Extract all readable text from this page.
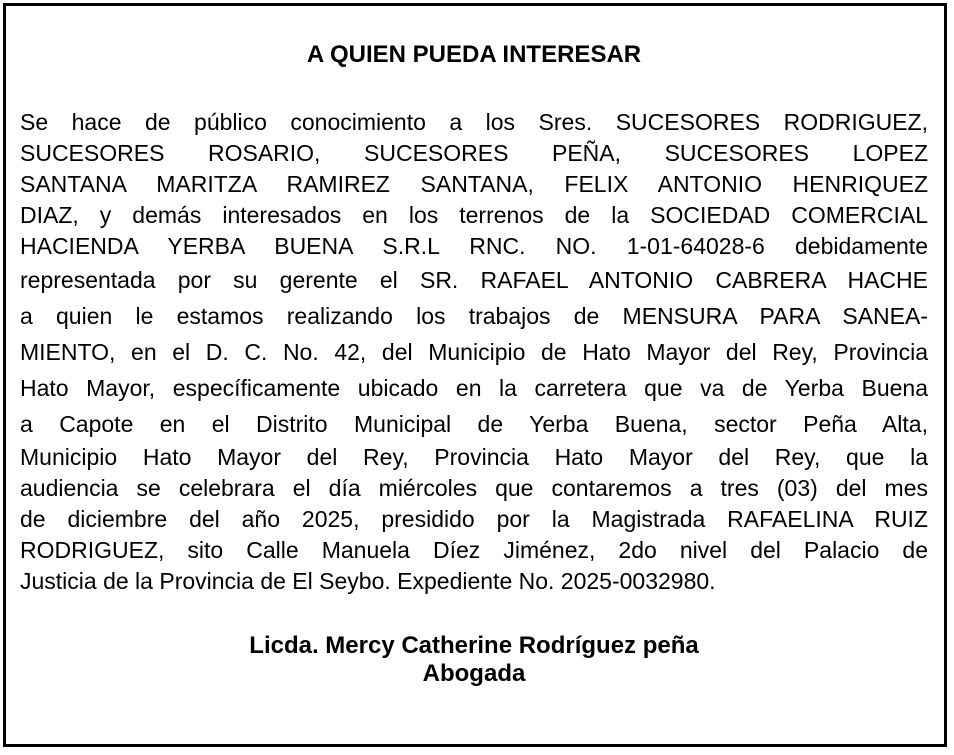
A QUIEN PUEDA INTERESAR
Se hace de público conocimiento a los Sres. SUCESORES RODRIGUEZ,
SUCESORES ROSARIO, SUCESORES PEÑA, SUCESORES LOPEZ
SANTANA MARITZA RAMIREZ SANTANA, FELIX ANTONIO HENRIQUEZ
DIAZ, y demás interesados en los terrenos de la SOCIEDAD COMERCIAL
HACIENDA YERBA BUENA S.R.L RNC. NO. 1-01-64028-6 debidamente
representada por su gerente el SR. RAFAEL ANTONIO CABRERA HACHE
a quien le estamos realizando los trabajos de MENSURA PARA SANEA-
MIENTO, en el D. C. No. 42, del Municipio de Hato Mayor del Rey, Provincia
Hato Mayor, específicamente ubicado en la carretera que va de Yerba Buena
a Capote en el Distrito Municipal de Yerba Buena, sector Peña Alta,
Municipio Hato Mayor del Rey, Provincia Hato Mayor del Rey, que la
audiencia se celebrara el día miércoles que contaremos a tres (03) del mes
de diciembre del año 2025, presidido por la Magistrada RAFAELINA RUIZ
RODRIGUEZ, sito Calle Manuela Díez Jiménez, 2do nivel del Palacio de
Justicia de la Provincia de El Seybo. Expediente No. 2025-0032980.
Licda. Mercy Catherine Rodríguez peña
Abogada
